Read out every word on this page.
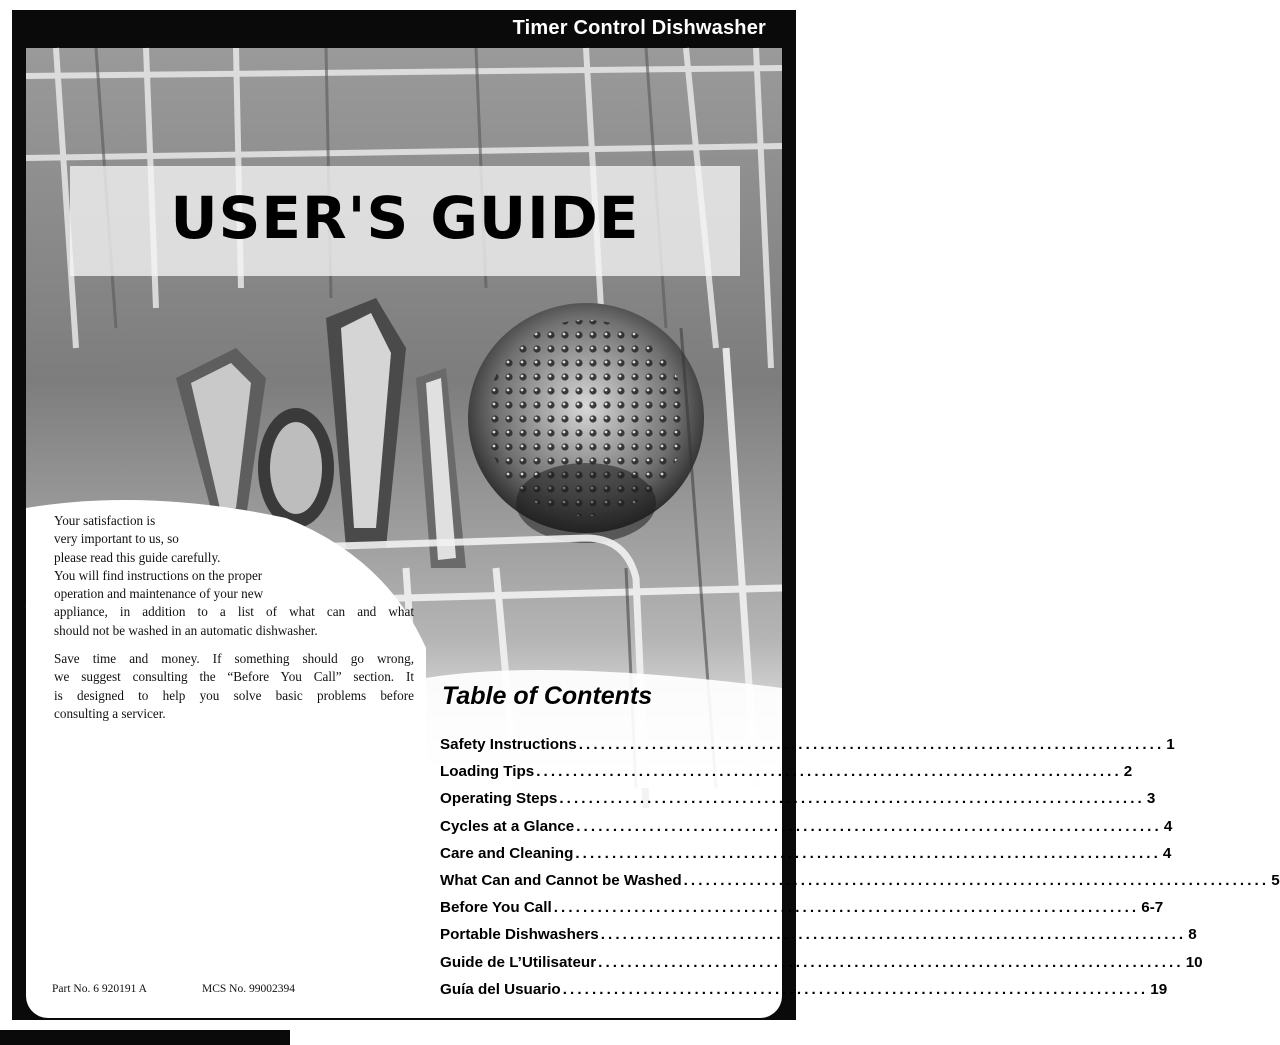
Timer Control Dishwasher
USER'S GUIDE

Your satisfaction is
very important to us, so
please read this guide carefully.
You will find instructions on the proper
operation and maintenance of your new
appliance, in addition to a list of what can and what
should not be washed in an automatic dishwasher.

Save time and money. If something should go wrong,
we suggest consulting the “Before You Call” section. It
is designed to help you solve basic problems before
consulting a servicer.

Table of Contents
Safety Instructions ................................................................................ 1
Loading Tips ................................................................................ 2
Operating Steps ................................................................................ 3
Cycles at a Glance ................................................................................ 4
Care and Cleaning ................................................................................ 4
What Can and Cannot be Washed ................................................................................ 5
Before You Call ................................................................................ 6-7
Portable Dishwashers ................................................................................ 8
Guide de L’Utilisateur ................................................................................ 10
Guía del Usuario ................................................................................ 19
Part No. 6 920191 A	MCS No. 99002394
